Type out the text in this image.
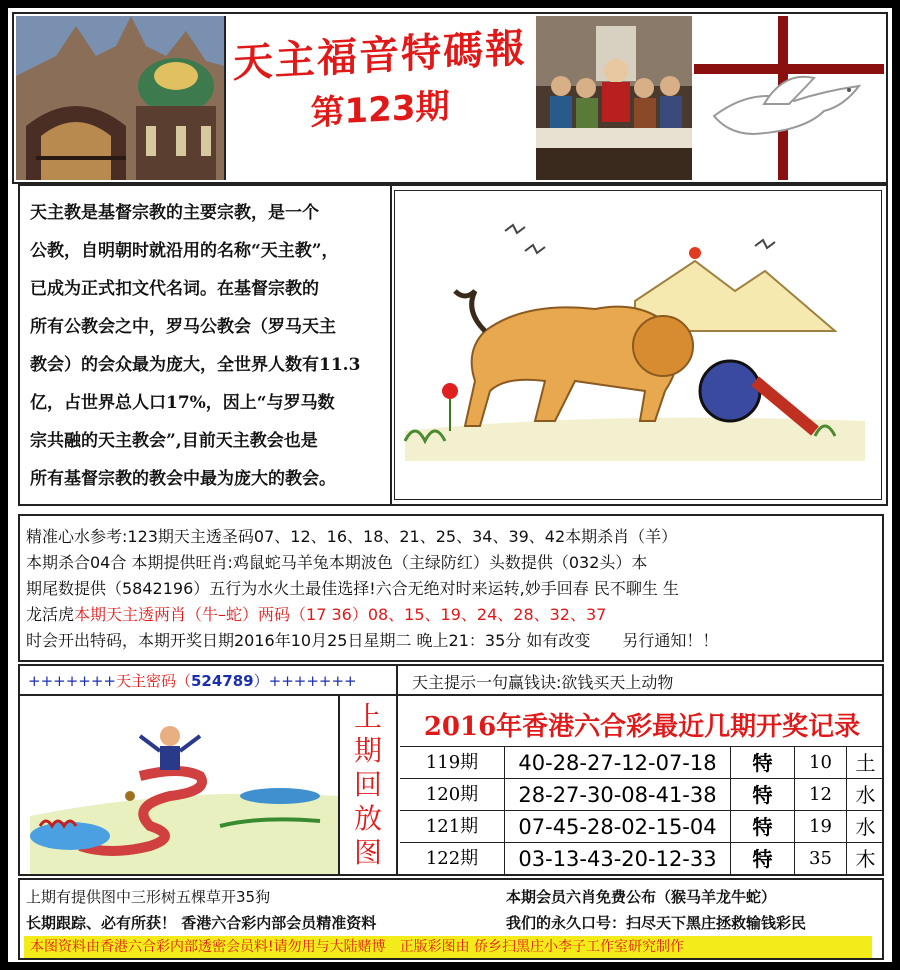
天主福音特碼報
第123期
天主教是基督宗教的主要宗教，是一个
公教，自明朝时就沿用的名称“天主教”，
已成为正式扣文代名词。在基督宗教的
所有公教会之中，罗马公教会（罗马天主
教会）的会众最为庞大，全世界人数有11.3
亿，占世界总人口17%，因上“与罗马数
宗共融的天主教会”,目前天主教会也是
所有基督宗教的教会中最为庞大的教会。
精准心水参考:123期天主透圣码07、12、16、18、21、25、34、39、42本期杀肖（羊）
本期杀合04合 本期提供旺肖:鸡鼠蛇马羊兔本期波色（主绿防红）头数提供（032头）本
期尾数提供（5842196）五行为水火土最佳选择!六合无绝对时来运转,妙手回春 民不聊生 生
龙活虎本期天主透两肖（牛–蛇）两码（17 36）08、15、19、24、28、32、37
时会开出特码，本期开奖日期2016年10月25日星期二 晚上21：35分 如有改变　　另行通知！！
+++++++天主密码（524789）+++++++	天主提示一句赢钱诀:欲钱买天上动物
上
期
回
放
图
2016年香港六合彩最近几期开奖记录
119期	40-28-27-12-07-18	特	10	土
120期	28-27-30-08-41-38	特	12	水
121期	07-45-28-02-15-04	特	19	水
122期	03-13-43-20-12-33	特	35	木
上期有提供图中三形树五棵草开35狗	本期会员六肖免费公布（猴马羊龙牛蛇）
长期跟踪、必有所获！ 香港六合彩内部会员精准资料	我们的永久口号：扫尽天下黑庄拯救输钱彩民
本图资料由香港六合彩内部透密会员料!请勿用与大陆赌博　正版彩图由 侨乡扫黑庄小李子工作室研究制作
